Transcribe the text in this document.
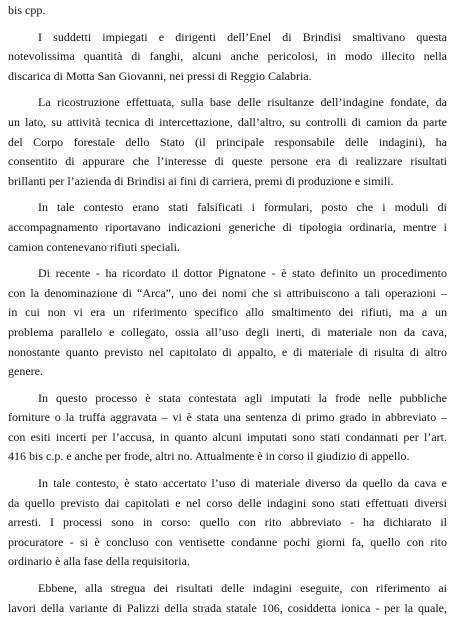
bis cpp.
I suddetti impiegati e dirigenti dell’Enel di Brindisi smaltivano questa
notevolissima quantità di fanghi, alcuni anche pericolosi, in modo illecito nella
discarica di Motta San Giovanni, nei pressi di Reggio Calabria.
La ricostruzione effettuata, sulla base delle risultanze dell’indagine fondate, da
un lato, su attività tecnica di intercettazione, dall’altro, su controlli di camion da parte
del Corpo forestale dello Stato (il principale responsabile delle indagini), ha
consentito di appurare che l’interesse di queste persone era di realizzare risultati
brillanti per l’azienda di Brindisi ai fini di carriera, premi di produzione e simili.
In tale contesto erano stati falsificati i formulari, posto che i moduli di
accompagnamento riportavano indicazioni generiche di tipologia ordinaria, mentre i
camion contenevano rifiuti speciali.
Di recente - ha ricordato il dottor Pignatone - è stato definito un procedimento
con la denominazione di “Arca”, uno dei nomi che si attribuiscono a tali operazioni –
in cui non vi era un riferimento specifico allo smaltimento dei rifiuti, ma a un
problema parallelo e collegato, ossia all’uso degli inerti, di materiale non da cava,
nonostante quanto previsto nel capitolato di appalto, e di materiale di risulta di altro
genere.
In questo processo è stata contestata agli imputati la frode nelle pubbliche
forniture o la truffa aggravata – vi è stata una sentenza di primo grado in abbreviato –
con esiti incerti per l’accusa, in quanto alcuni imputati sono stati condannati per l’art.
416 bis c.p. e anche per frode, altri no. Attualmente è in corso il giudizio di appello.
In tale contesto, è stato accertato l’uso di materiale diverso da quello da cava e
da quello previsto dai capitolati e nel corso delle indagini sono stati effettuati diversi
arresti. I processi sono in corso: quello con rito abbreviato - ha dichiarato il
procuratore - si è concluso con ventisette condanne pochi giorni fa, quello con rito
ordinario è alla fase della requisitoria.
Ebbene, alla stregua dei risultati delle indagini eseguite, con riferimento ai
lavori della variante di Palizzi della strada statale 106, cosiddetta ionica - per la quale,
